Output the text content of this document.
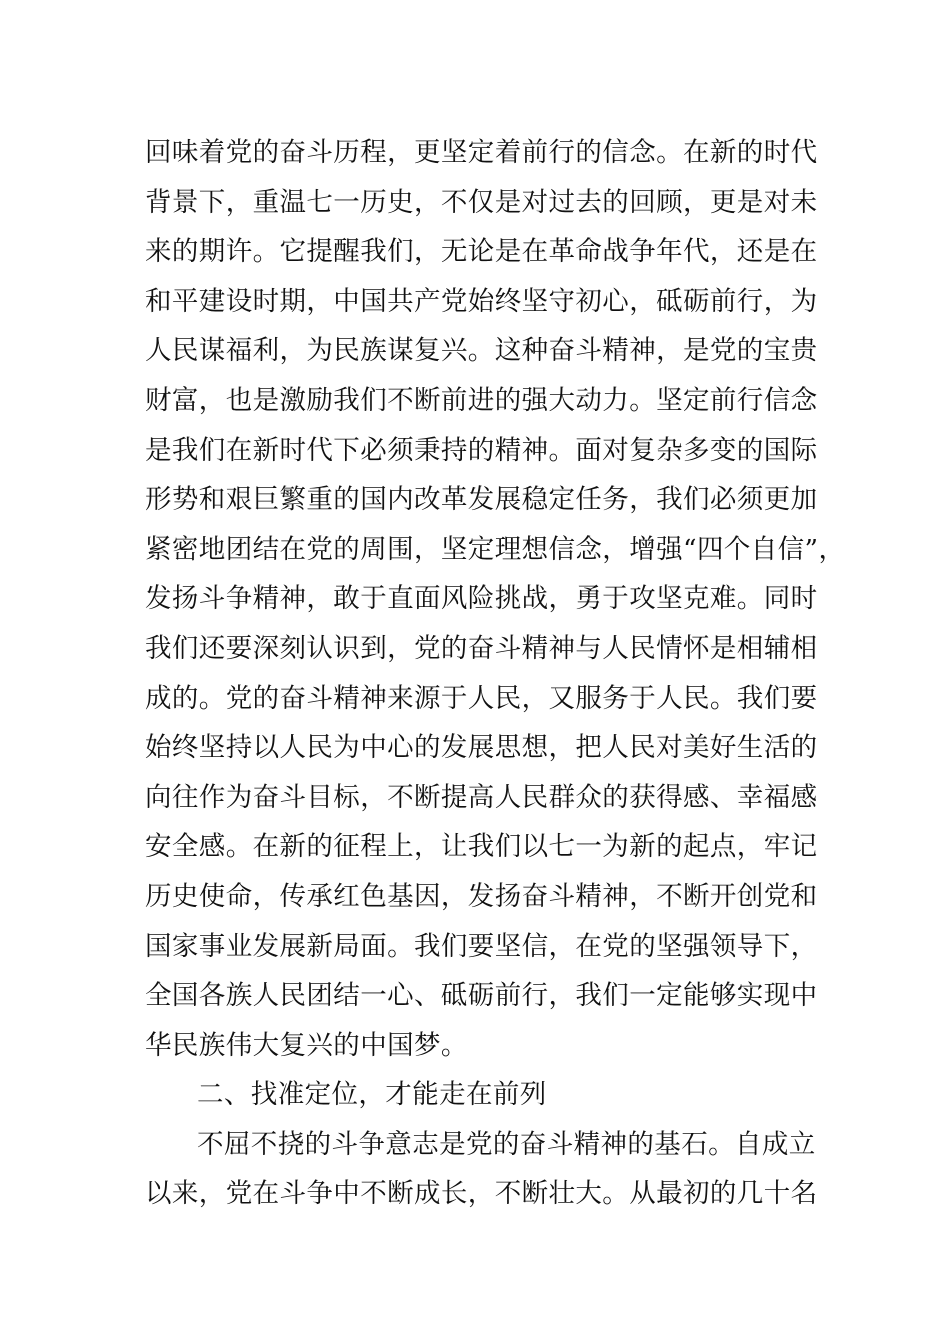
回味着党的奋斗历程，更坚定着前行的信念。在新的时代
背景下，重温七一历史，不仅是对过去的回顾，更是对未
来的期许。它提醒我们，无论是在革命战争年代，还是在
和平建设时期，中国共产党始终坚守初心，砥砺前行，为
人民谋福利，为民族谋复兴。这种奋斗精神，是党的宝贵
财富，也是激励我们不断前进的强大动力。坚定前行信念
是我们在新时代下必须秉持的精神。面对复杂多变的国际
形势和艰巨繁重的国内改革发展稳定任务，我们必须更加
紧密地团结在党的周围，坚定理想信念，增强“四个自信”，
发扬斗争精神，敢于直面风险挑战，勇于攻坚克难。同时
我们还要深刻认识到，党的奋斗精神与人民情怀是相辅相
成的。党的奋斗精神来源于人民，又服务于人民。我们要
始终坚持以人民为中心的发展思想，把人民对美好生活的
向往作为奋斗目标，不断提高人民群众的获得感、幸福感
安全感。在新的征程上，让我们以七一为新的起点，牢记
历史使命，传承红色基因，发扬奋斗精神，不断开创党和
国家事业发展新局面。我们要坚信，在党的坚强领导下，
全国各族人民团结一心、砥砺前行，我们一定能够实现中
华民族伟大复兴的中国梦。
二、找准定位，才能走在前列
不屈不挠的斗争意志是党的奋斗精神的基石。自成立
以来，党在斗争中不断成长，不断壮大。从最初的几十名
